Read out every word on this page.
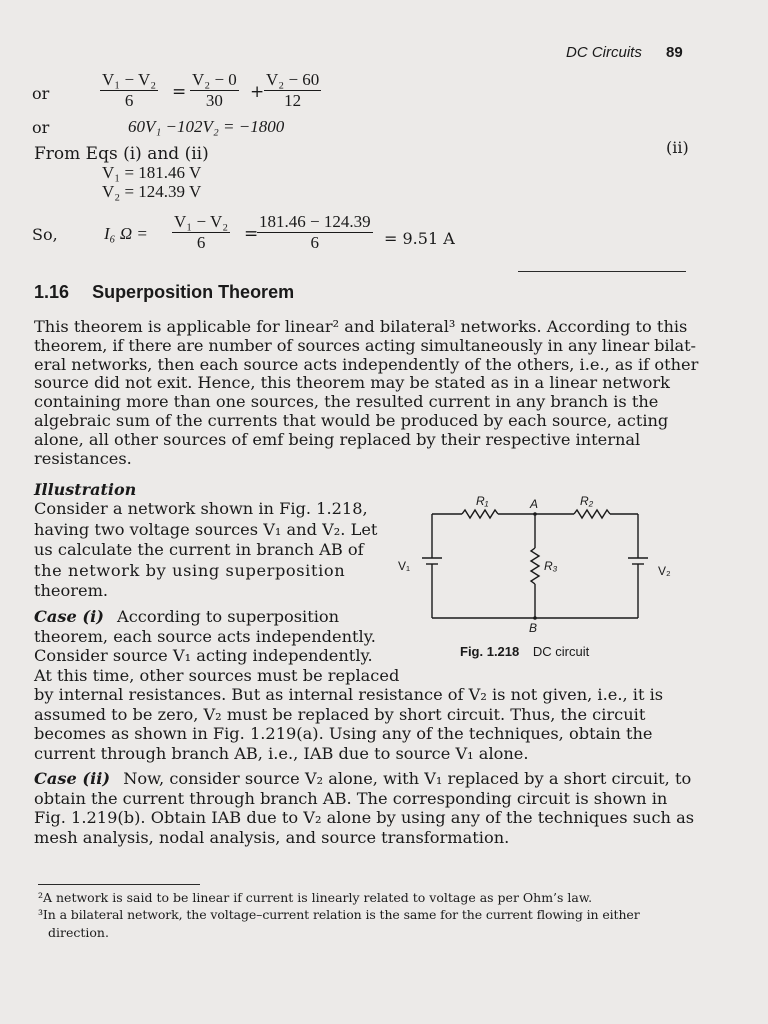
DC Circuits 89
or	$\frac{\text{V₁ − V₂}}{6} = \frac{\text{V₂ − 0}}{30} + \frac{\text{V₂ − 60}}{12}$
or	60V₁ −102V₂ = −1800
(ii)
From Eqs (i) and (ii)
V₁ = 181.46 V
V₂ = 124.39 V
So,	I₆ $\Omega = \frac{\text{V₁ − V₂}}{6}$ =
$\frac{181.46 - 124.39}{6} = 9.51$ A
1.16 Superposition Theorem
This theorem is applicable for linear² and bilateral³ networks. According to this
theorem, if there are number of sources acting simultaneously in any linear bilat-
eral networks, then each source acts independently of the others, i.e., as if other
source did not exit. Hence, this theorem may be stated as in a linear network
containing more than one sources, the resulted current in any branch is the
algebraic sum of the currents that would be produced by each source, acting
alone, all other sources of emf being replaced by their respective internal
resistances.
Illustration
Consider a network shown in Fig. 1.218,
having two voltage sources V₁ and V₂. Let
us calculate the current in branch AB of
the network by using superposition
theorem.
Case (i) According to superposition
theorem, each source acts independently.
Consider source V₁ acting independently.
At this time, other sources must be replaced
by internal resistances. But as internal resistance of V₂ is not given, i.e., it is
assumed to be zero, V₂ must be replaced by short circuit. Thus, the circuit
becomes as shown in Fig. 1.219(a). Using any of the techniques, obtain the
current through branch AB, i.e., IAB due to source V₁ alone.
Case (ii) Now, consider source V₂ alone, with V₁ replaced by a short circuit, to
obtain the current through branch AB. The corresponding circuit is shown in
Fig. 1.219(b). Obtain IAB due to V₂ alone by using any of the techniques such as
mesh analysis, nodal analysis, and source transformation.
R₁	R₂
A
R₃
V₁	V₂
B
Fig. 1.218 DC circuit
²A network is said to be linear if current is linearly related to voltage as per Ohm’s law.
³In a bilateral network, the voltage–current relation is the same for the current flowing in either
direction.
